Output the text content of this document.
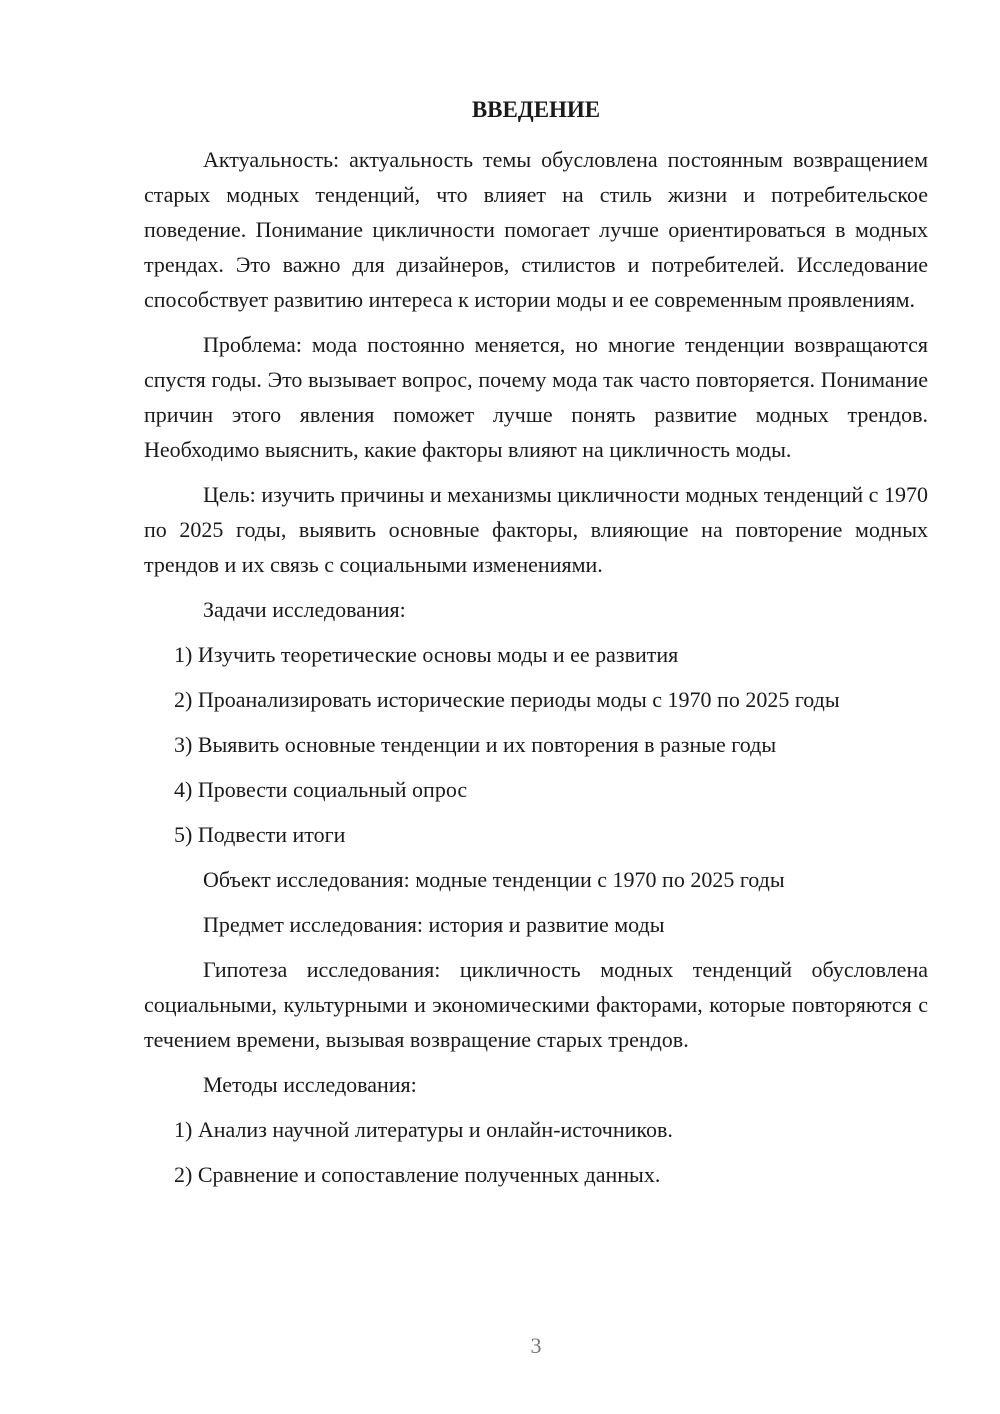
ВВЕДЕНИЕ

Актуальность: актуальность темы обусловлена постоянным возвращением старых модных тенденций, что влияет на стиль жизни и потребительское поведение. Понимание цикличности помогает лучше ориентироваться в модных трендах. Это важно для дизайнеров, стилистов и потребителей. Исследование способствует развитию интереса к истории моды и ее современным проявлениям.

Проблема: мода постоянно меняется, но многие тенденции возвращаются спустя годы. Это вызывает вопрос, почему мода так часто повторяется. Понимание причин этого явления поможет лучше понять развитие модных трендов. Необходимо выяснить, какие факторы влияют на цикличность моды.

Цель: изучить причины и механизмы цикличности модных тенденций с 1970 по 2025 годы, выявить основные факторы, влияющие на повторение модных трендов и их связь с социальными изменениями.

Задачи исследования:

1) Изучить теоретические основы моды и ее развития

2) Проанализировать исторические периоды моды с 1970 по 2025 годы

3) Выявить основные тенденции и их повторения в разные годы

4) Провести социальный опрос

5) Подвести итоги

Объект исследования: модные тенденции с 1970 по 2025 годы

Предмет исследования: история и развитие моды

Гипотеза исследования: цикличность модных тенденций обусловлена социальными, культурными и экономическими факторами, которые повторяются с течением времени, вызывая возвращение старых трендов.

Методы исследования:

1) Анализ научной литературы и онлайн-источников.

2) Сравнение и сопоставление полученных данных.

3
